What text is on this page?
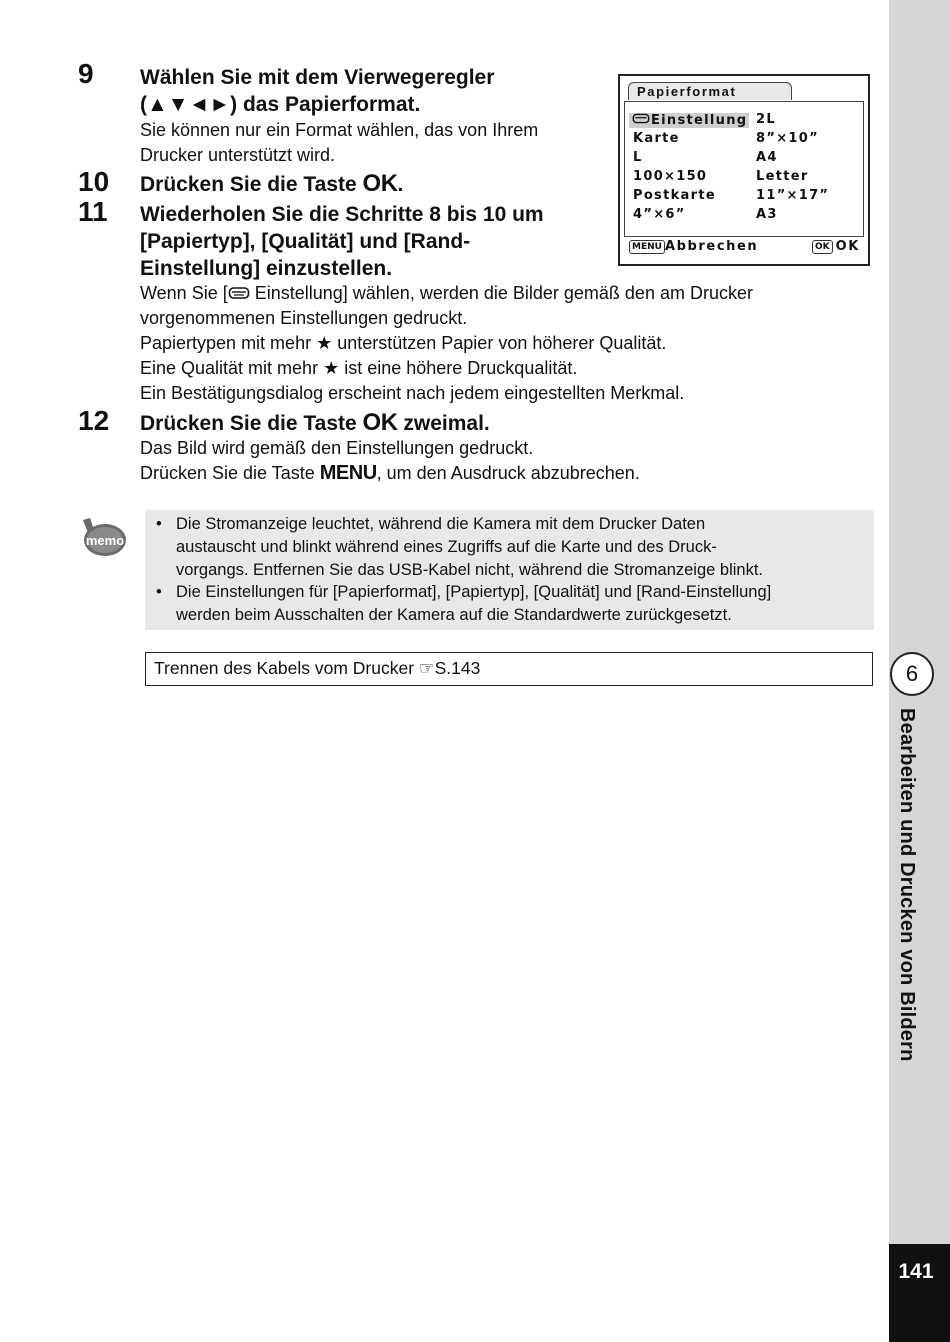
6
Bearbeiten und Drucken von Bildern
141
9 Wählen Sie mit dem Vierwegeregler
(▲▼◄►) das Papierformat.
Sie können nur ein Format wählen, das von Ihrem
Drucker unterstützt wird.
10 Drücken Sie die Taste OK.
11 Wiederholen Sie die Schritte 8 bis 10 um
[Papiertyp], [Qualität] und [Rand-
Einstellung] einzustellen.
Wenn Sie [ Einstellung] wählen, werden die Bilder gemäß den am Drucker
vorgenommenen Einstellungen gedruckt.
Papiertypen mit mehr ★ unterstützen Papier von höherer Qualität.
Eine Qualität mit mehr ★ ist eine höhere Druckqualität.
Ein Bestätigungsdialog erscheint nach jedem eingestellten Merkmal.
12 Drücken Sie die Taste OK zweimal.
Das Bild wird gemäß den Einstellungen gedruckt.
Drücken Sie die Taste MENU, um den Ausdruck abzubrechen.
Papierformat
Einstellung
Karte
L
100×150
Postkarte
4”×6”
2L
8”×10”
A4
Letter
11”×17”
A3
MENU Abbrechen	OK OK
memo
• Die Stromanzeige leuchtet, während die Kamera mit dem Drucker Daten
austauscht und blinkt während eines Zugriffs auf die Karte und des Druck-
vorgangs. Entfernen Sie das USB-Kabel nicht, während die Stromanzeige blinkt.
• Die Einstellungen für [Papierformat], [Papiertyp], [Qualität] und [Rand-Einstellung]
werden beim Ausschalten der Kamera auf die Standardwerte zurückgesetzt.
Trennen des Kabels vom Drucker ☞S.143
